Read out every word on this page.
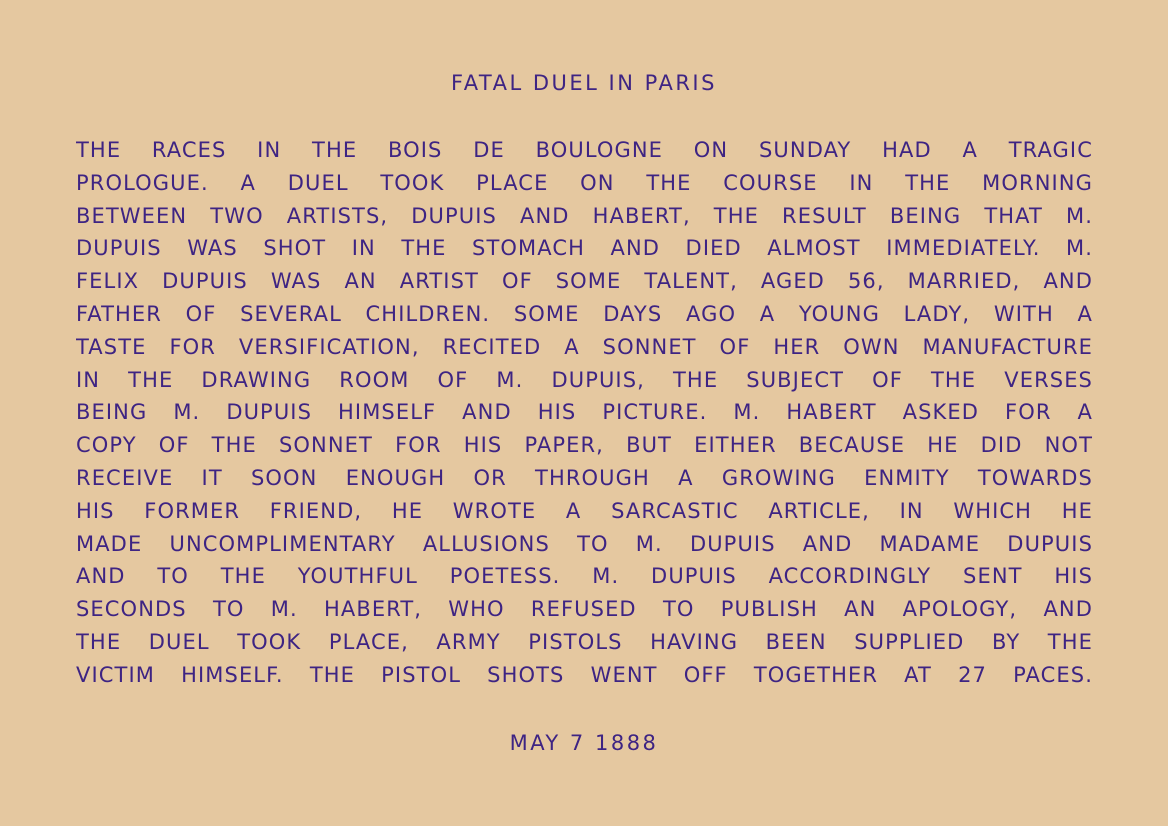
FATAL DUEL IN PARIS
THE RACES IN THE BOIS DE BOULOGNE ON SUNDAY HAD A TRAGIC
PROLOGUE. A DUEL TOOK PLACE ON THE COURSE IN THE MORNING
BETWEEN TWO ARTISTS, DUPUIS AND HABERT, THE RESULT BEING THAT M.
DUPUIS WAS SHOT IN THE STOMACH AND DIED ALMOST IMMEDIATELY. M.
FELIX DUPUIS WAS AN ARTIST OF SOME TALENT, AGED 56, MARRIED, AND
FATHER OF SEVERAL CHILDREN. SOME DAYS AGO A YOUNG LADY, WITH A
TASTE FOR VERSIFICATION, RECITED A SONNET OF HER OWN MANUFACTURE
IN THE DRAWING ROOM OF M. DUPUIS, THE SUBJECT OF THE VERSES
BEING M. DUPUIS HIMSELF AND HIS PICTURE. M. HABERT ASKED FOR A
COPY OF THE SONNET FOR HIS PAPER, BUT EITHER BECAUSE HE DID NOT
RECEIVE IT SOON ENOUGH OR THROUGH A GROWING ENMITY TOWARDS
HIS FORMER FRIEND, HE WROTE A SARCASTIC ARTICLE, IN WHICH HE
MADE UNCOMPLIMENTARY ALLUSIONS TO M. DUPUIS AND MADAME DUPUIS
AND TO THE YOUTHFUL POETESS. M. DUPUIS ACCORDINGLY SENT HIS
SECONDS TO M. HABERT, WHO REFUSED TO PUBLISH AN APOLOGY, AND
THE DUEL TOOK PLACE, ARMY PISTOLS HAVING BEEN SUPPLIED BY THE
VICTIM HIMSELF. THE PISTOL SHOTS WENT OFF TOGETHER AT 27 PACES.
MAY 7 1888
